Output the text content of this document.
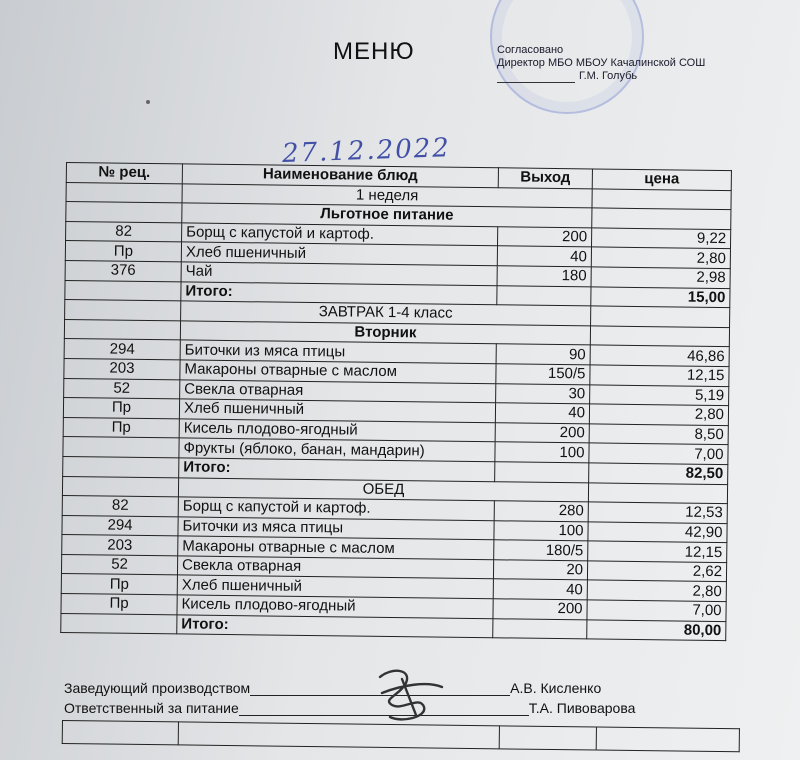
МЕНЮ	Согласовано
Директор МБО МБОУ Качалинской СОШ
Г.М. Голубь
27.12.2022
№ рец.	Наименование блюд	Выход	цена
	1 неделя		
	Льготное питание		
82	Борщ с капустой и картоф.	200	9,22
Пр	Хлеб пшеничный	40	2,80
376	Чай	180	2,98
	Итого:		15,00
	ЗАВТРАК 1-4 класс		
	Вторник		
294	Биточки из мяса птицы	90	46,86
203	Макароны отварные с маслом	150/5	12,15
52	Свекла отварная	30	5,19
Пр	Хлеб пшеничный	40	2,80
Пр	Кисель плодово-ягодный	200	8,50
	Фрукты (яблоко, банан, мандарин)	100	7,00
	Итого:		82,50
	ОБЕД		
82	Борщ с капустой и картоф.	280	12,53
294	Биточки из мяса птицы	100	42,90
203	Макароны отварные с маслом	180/5	12,15
52	Свекла отварная	20	2,62
Пр	Хлеб пшеничный	40	2,80
Пр	Кисель плодово-ягодный	200	7,00
	Итого:		80,00
Заведующий производством	А.В. Кисленко
Ответственный за питание	Т.А. Пивоварова
